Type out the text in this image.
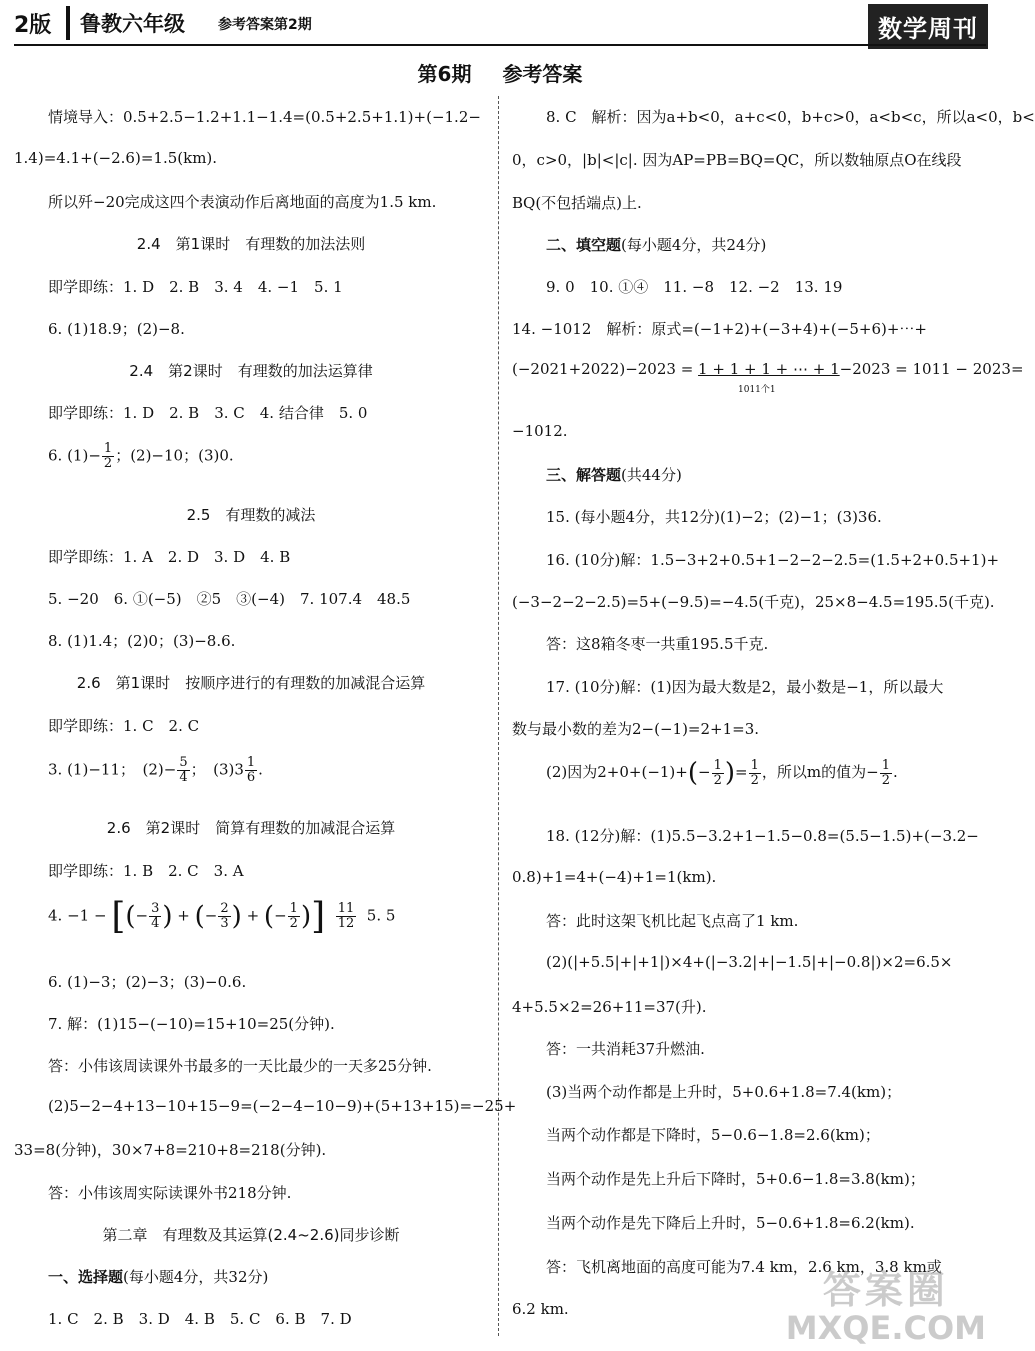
2版 鲁教六年级 参考答案第2期	数学周刊
第6期 参考答案
情境导入：0.5+2.5−1.2+1.1−1.4=(0.5+2.5+1.1)+(−1.2−
1.4)=4.1+(−2.6)=1.5(km).
所以歼−20完成这四个表演动作后离地面的高度为1.5 km.
2.4　第1课时　有理数的加法法则
即学即练：1. D　2. B　3. 4　4. −1　5. 1
6. (1)18.9；(2)−8.
2.4　第2课时　有理数的加法运算律
即学即练：1. D　2. B　3. C　4. 结合律　5. 0
6. $(1)- \frac{1}{2}$ ；(2)−10；(3)0.
2.5　有理数的减法
即学即练：1. A　2. D　3. D　4. B
5. −20　6. ①(−5)　②5　③(−4)　7. 107.4　48.5
8. (1)1.4；(2)0；(3)−8.6.
2.6　第1课时　按顺序进行的有理数的加减混合运算
即学即练：1. C　2. C
3. (1)−11；　$(2)- \frac{5}{4}$ ；　$(3)3 \frac{1}{6}$ .
2.6　第2课时　简算有理数的加减混合运算
即学即练：1. B　2. C　3. A
4. −1 − [(− $\frac{3}{4}$ ) + (− $\frac{2}{3}$ ) + (− $\frac{1}{2}$ )] $\frac{11}{12} 5$. 5
6. (1)−3；(2)−3；(3)−0.6.
7. 解：(1)15−(−10)=15+10=25(分钟).
答：小伟该周读课外书最多的一天比最少的一天多25分钟.
(2)5−2−4+13−10+15−9=(−2−4−10−9)+(5+13+15)=−25+
33=8(分钟)，30×7+8=210+8=218(分钟).
答：小伟该周实际读课外书218分钟.
第二章　有理数及其运算(2.4~2.6)同步诊断
一、选择题(每小题4分，共32分)
1. C　2. B　3. D　4. B　5. C　6. B　7. D
8. C　解析：因为a+b<0，a+c<0，b+c>0，a<b<c，所以a<0，b<
0，c>0，|b|<|c|. 因为AP=PB=BQ=QC，所以数轴原点O在线段
BQ(不包括端点)上.
二、填空题(每小题4分，共24分)
9. 0　10. ①④　11. −8　12. −2　13. 19
14. −1012　解析：原式=(−1+2)+(−3+4)+(−5+6)+⋯+
(−2021+2022)−2023 = 1 + 1 + 1 + ⋯ + 1−2023 = 1011 − 2023=
1011个1
−1012.
三、解答题(共44分)
15. (每小题4分，共12分)(1)−2；(2)−1；(3)36.
16. (10分)解：1.5−3+2+0.5+1−2−2−2.5=(1.5+2+0.5+1)+
(−3−2−2−2.5)=5+(−9.5)=−4.5(千克)，25×8−4.5=195.5(千克).
答：这8箱冬枣一共重195.5千克.
17. (10分)解：(1)因为最大数是2，最小数是−1，所以最大
数与最小数的差为2−(−1)=2+1=3.
(2)因为$2+0+(-1)+(- \frac{1}{2}$ )= $\frac{1}{2}$ ，所以m的值为− $\frac{1}{2}$ .
18. (12分)解：(1)5.5−3.2+1−1.5−0.8=(5.5−1.5)+(−3.2−
0.8)+1=4+(−4)+1=1(km).
答：此时这架飞机比起飞点高了1 km.
(2)(|+5.5|+|+1|)×4+(|−3.2|+|−1.5|+|−0.8|)×2=6.5×
4+5.5×2=26+11=37(升).
答：一共消耗37升燃油.
(3)当两个动作都是上升时，5+0.6+1.8=7.4(km)；
当两个动作都是下降时，5−0.6−1.8=2.6(km)；
当两个动作是先上升后下降时，5+0.6−1.8=3.8(km)；
当两个动作是先下降后上升时，5−0.6+1.8=6.2(km).
答：飞机离地面的高度可能为7.4 km，2.6 km，3.8 km或
6.2 km.	答案圈
MXQE.COM
